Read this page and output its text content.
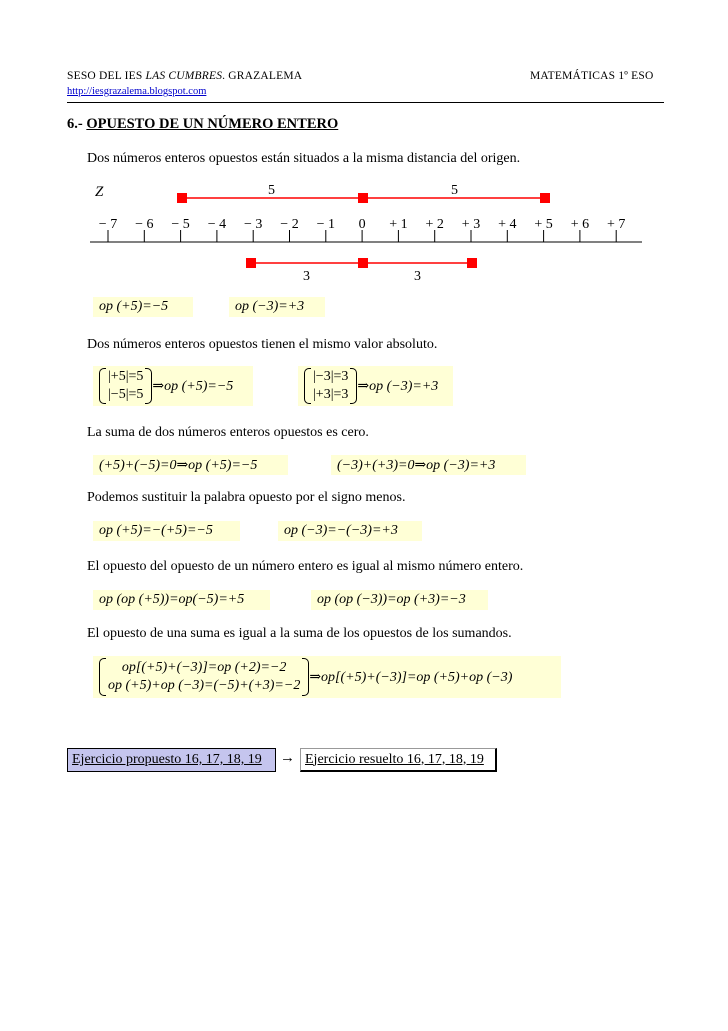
SESO DEL IES LAS CUMBRES. GRAZALEMA	MATEMÁTICAS 1º ESO
http://iesgrazalema.blogspot.com
6.- OPUESTO DE UN NÚMERO ENTERO
Dos números enteros opuestos están situados a la misma distancia del origen.
Z	5	5
− 7 − 6 − 5 − 4 − 3 − 2 − 1 0 + 1 + 2 + 3 + 4 + 5 + 6 + 7
3	3
op (+5)=−5	op (−3)=+3
Dos números enteros opuestos tienen el mismo valor absoluto.
|+5|=5
|−5|=5
⇒op (+5)=−5
|−3|=3
|+3|=3
⇒op (−3)=+3
La suma de dos números enteros opuestos es cero.
(+5)+(−5)=0⇒op (+5)=−5	(−3)+(+3)=0⇒op (−3)=+3
Podemos sustituir la palabra opuesto por el signo menos.
op (+5)=−(+5)=−5	op (−3)=−(−3)=+3
El opuesto del opuesto de un número entero es igual al mismo número entero.
op (op (+5))=op(−5)=+5	op (op (−3))=op (+3)=−3
El opuesto de una suma es igual a la suma de los opuestos de los sumandos.
op[(+5)+(−3)]=op (+2)=−2
op (+5)+op (−3)=(−5)+(+3)=−2
⇒op[(+5)+(−3)]=op (+5)+op (−3)
Ejercicio propuesto 16, 17, 18, 19	→ Ejercicio resuelto 16, 17, 18, 19
